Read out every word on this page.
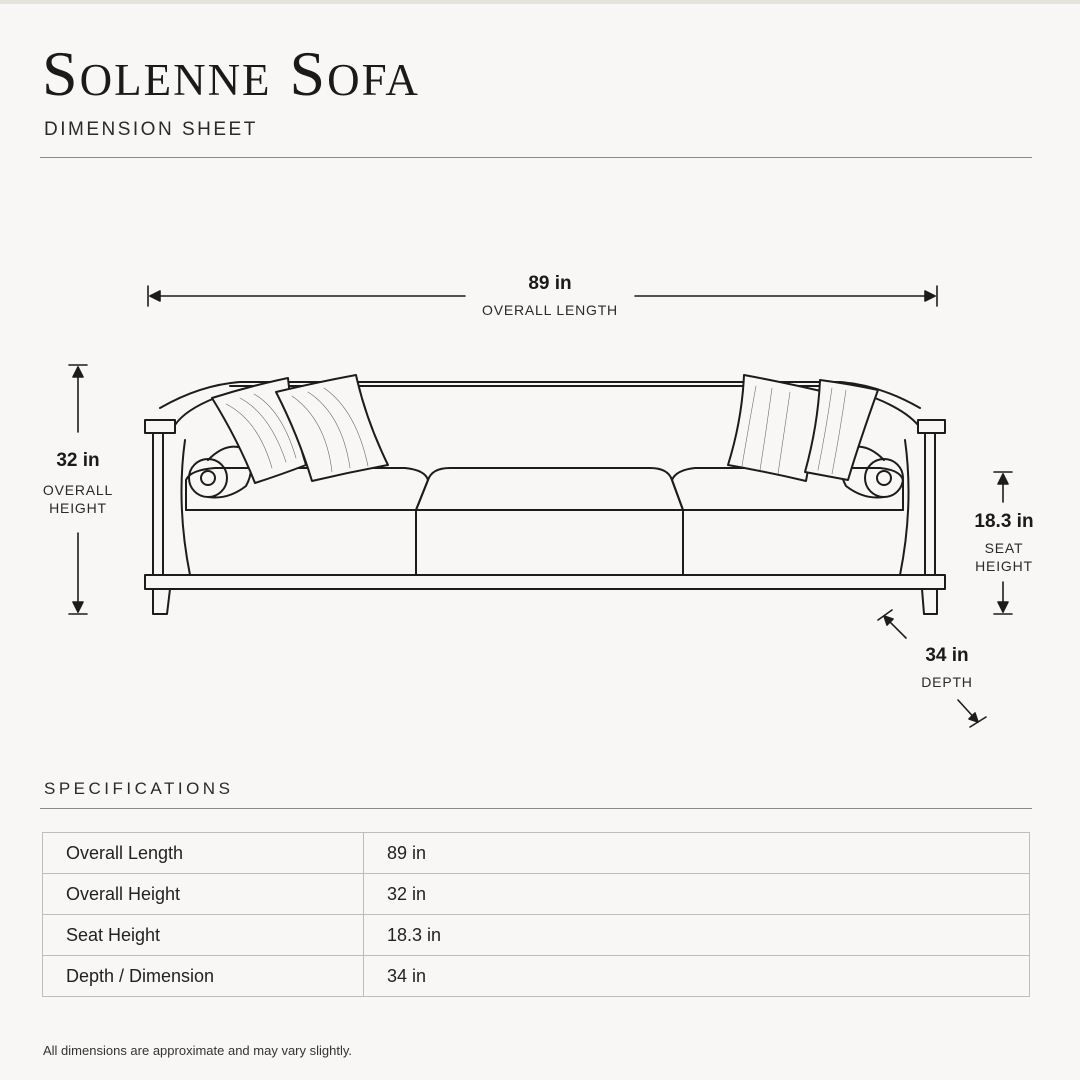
Solenne Sofa
DIMENSION SHEET
89 in
OVERALL LENGTH
32 in
OVERALL
HEIGHT
18.3 in
SEAT
HEIGHT
34 in
DEPTH
SPECIFICATIONS
Overall Length	89 in
Overall Height	32 in
Seat Height	18.3 in
Depth / Dimension	34 in
All dimensions are approximate and may vary slightly.
